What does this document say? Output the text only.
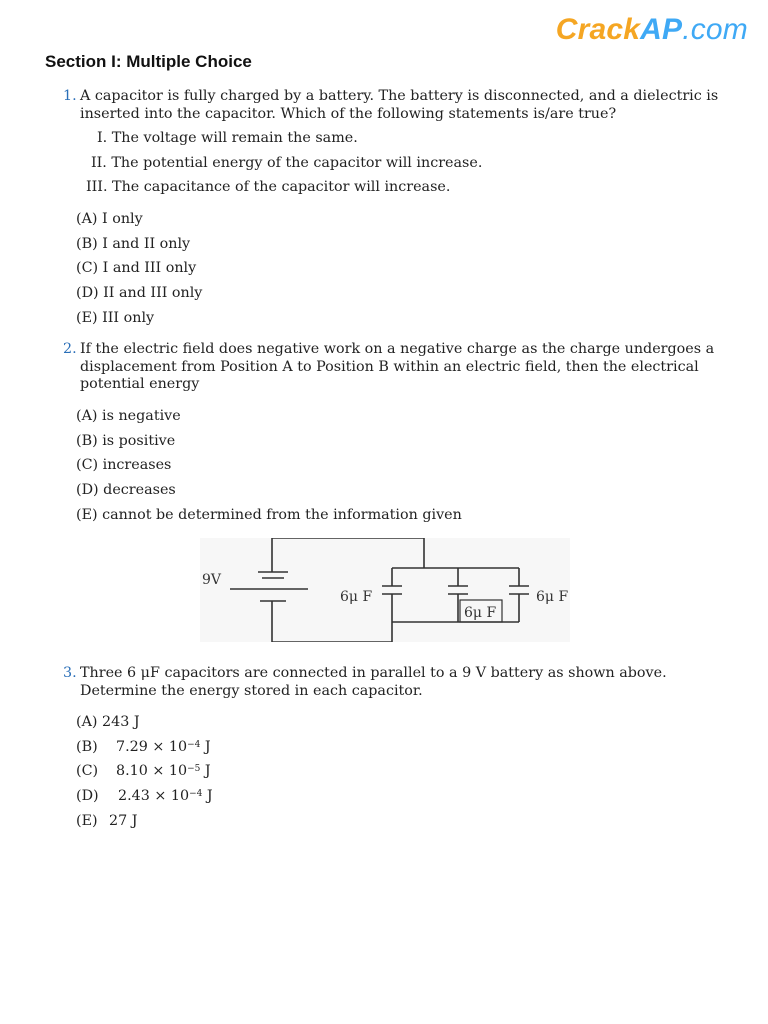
CrackAP.com
Section I: Multiple Choice
1. A capacitor is fully charged by a battery. The battery is disconnected, and a dielectric is inserted into the capacitor. Which of the following statements is/are true?
I. The voltage will remain the same.
II. The potential energy of the capacitor will increase.
III. The capacitance of the capacitor will increase.
(A) I only
(B) I and II only
(C) I and III only
(D) II and III only
(E) III only
2. If the electric field does negative work on a negative charge as the charge undergoes a displacement from Position A to Position B within an electric field, then the electrical potential energy
(A) is negative
(B) is positive
(C) increases
(D) decreases
(E) cannot be determined from the information given
9V
6μ F
6μ F
6μ F
3. Three 6 μF capacitors are connected in parallel to a 9 V battery as shown above. Determine the energy stored in each capacitor.
(A) 243 J
(B) $7.29 \times 10^{-4}$ J
(C) $8.10 \times 10^{-5}$ J
(D) $2.43 \times 10^{-4}$ J
(E) 27 J
